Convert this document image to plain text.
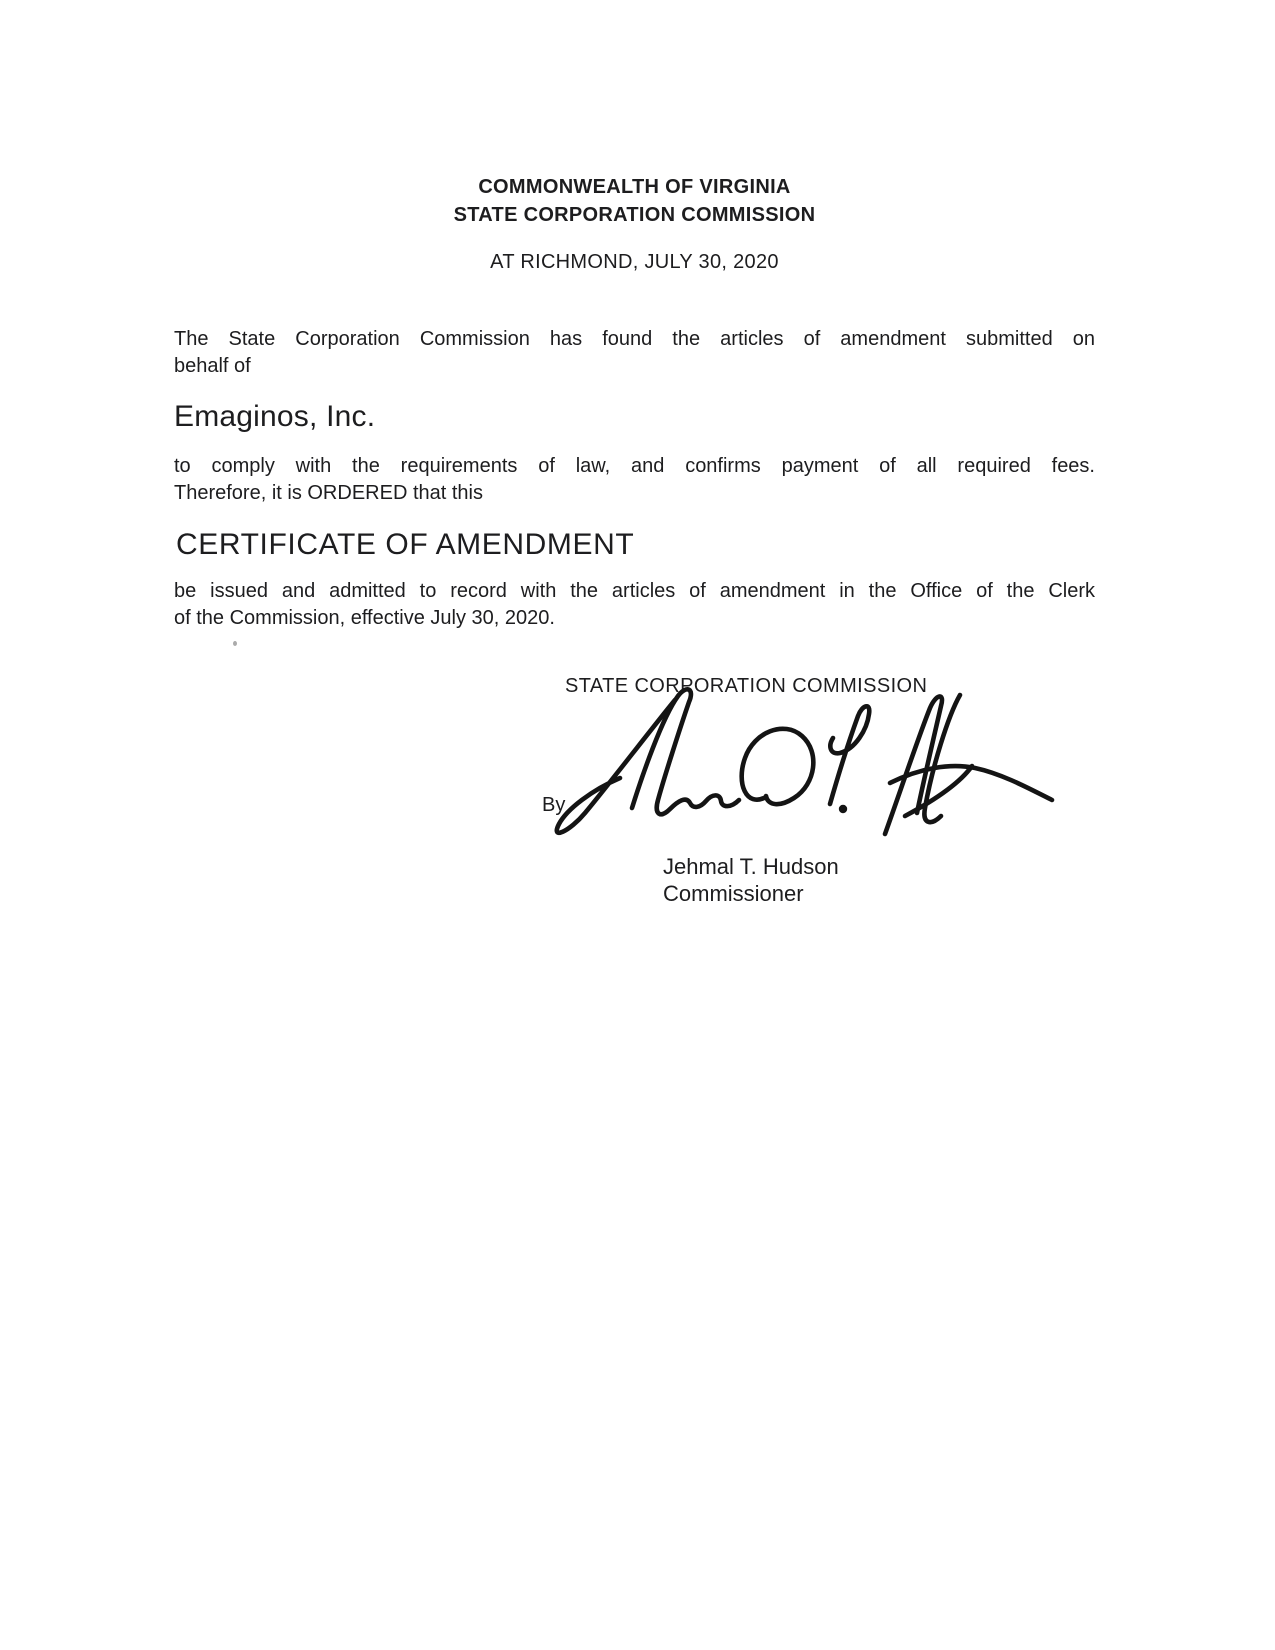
COMMONWEALTH OF VIRGINIA
STATE CORPORATION COMMISSION
AT RICHMOND, JULY 30, 2020
The State Corporation Commission has found the articles of amendment submitted on
behalf of
Emaginos, Inc.
to comply with the requirements of law, and confirms payment of all required fees.
Therefore, it is ORDERED that this
CERTIFICATE OF AMENDMENT
be issued and admitted to record with the articles of amendment in the Office of the Clerk
of the Commission, effective July 30, 2020.
STATE CORPORATION COMMISSION
By
Jehmal T. Hudson
Commissioner
